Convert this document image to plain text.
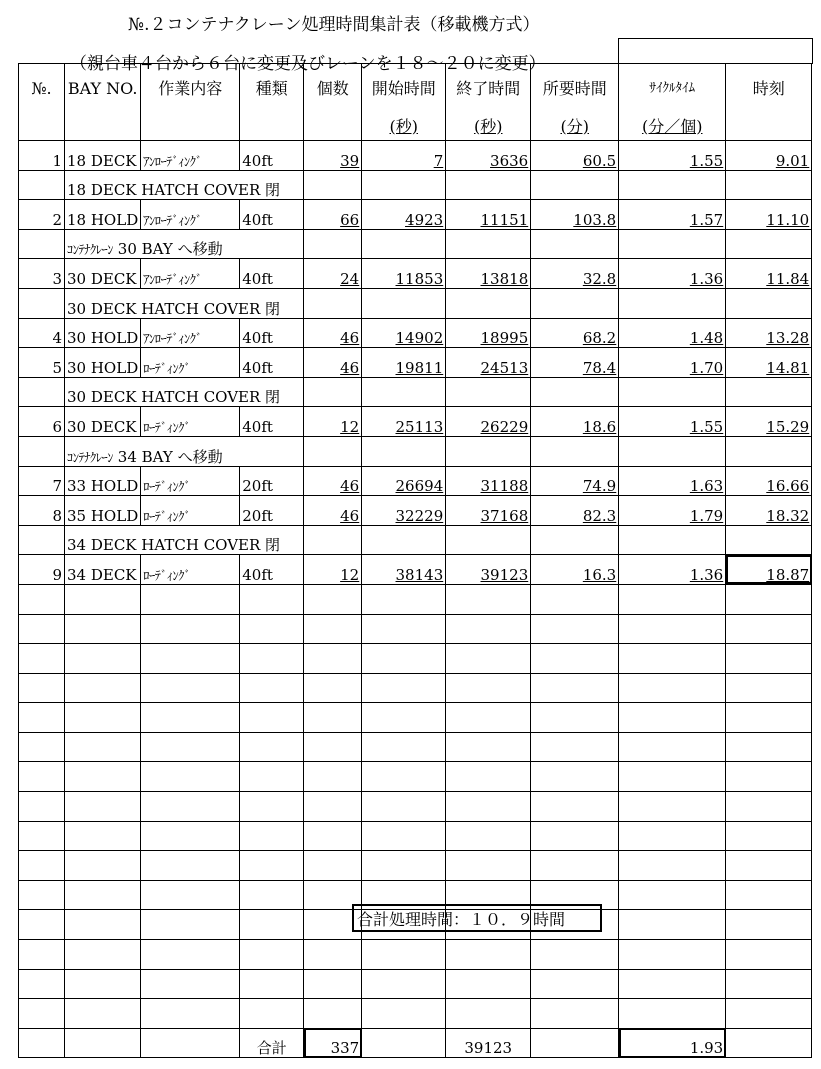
№.２コンテナクレーン処理時間集計表（移載機方式）
（親台車４台から６台に変更及びレーンを１８～２０に変更）
№.	BAY NO.	作業内容	種類	個数	開始時間	終了時間	所要時間	ｻｲｸﾙﾀｲﾑ	時刻
					(秒)	(秒)	(分)	(分／個)	
1	18 DECK	ｱﾝﾛｰﾃﾞｨﾝｸﾞ	40ft	39	7	3636	60.5	1.55	9.01
	18 DECK HATCH COVER 閉								
2	18 HOLD	ｱﾝﾛｰﾃﾞｨﾝｸﾞ	40ft	66	4923	11151	103.8	1.57	11.10
	ｺﾝﾃﾅｸﾚｰﾝ 30 BAY へ移動								
3	30 DECK	ｱﾝﾛｰﾃﾞｨﾝｸﾞ	40ft	24	11853	13818	32.8	1.36	11.84
	30 DECK HATCH COVER 閉								
4	30 HOLD	ｱﾝﾛｰﾃﾞｨﾝｸﾞ	40ft	46	14902	18995	68.2	1.48	13.28
5	30 HOLD	ﾛｰﾃﾞｨﾝｸﾞ	40ft	46	19811	24513	78.4	1.70	14.81
	30 DECK HATCH COVER 閉								
6	30 DECK	ﾛｰﾃﾞｨﾝｸﾞ	40ft	12	25113	26229	18.6	1.55	15.29
	ｺﾝﾃﾅｸﾚｰﾝ 34 BAY へ移動								
7	33 HOLD	ﾛｰﾃﾞｨﾝｸﾞ	20ft	46	26694	31188	74.9	1.63	16.66
8	35 HOLD	ﾛｰﾃﾞｨﾝｸﾞ	20ft	46	32229	37168	82.3	1.79	18.32
	34 DECK HATCH COVER 閉								
9	34 DECK	ﾛｰﾃﾞｨﾝｸﾞ	40ft	12	38143	39123	16.3	1.36	18.87

			合計	337		39123		1.93	
合計処理時間：１０．９時間
